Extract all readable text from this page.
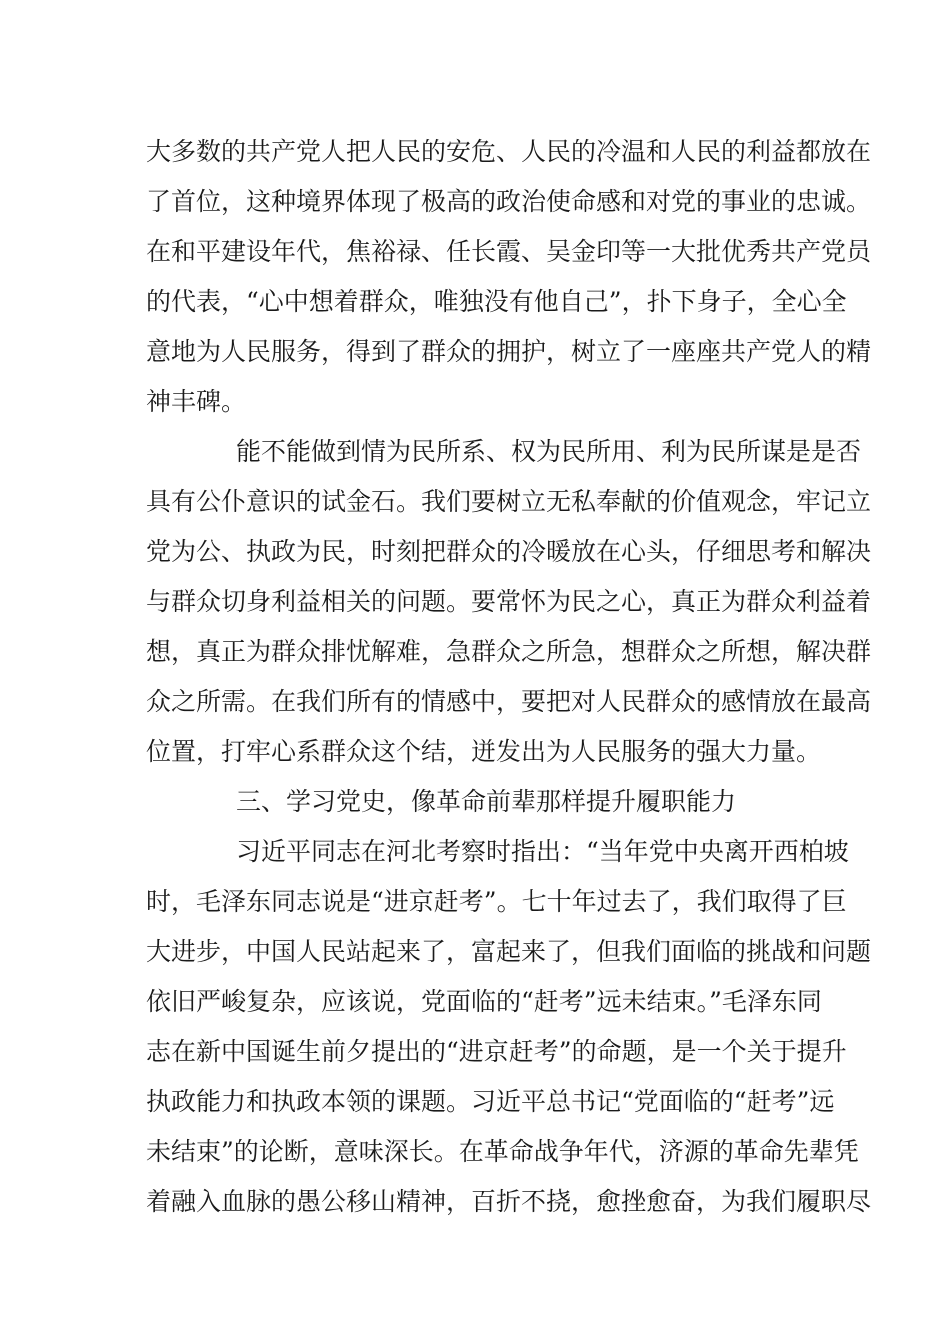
大多数的共产党人把人民的安危、人民的冷温和人民的利益都放在
了首位，这种境界体现了极高的政治使命感和对党的事业的忠诚。
在和平建设年代，焦裕禄、任长霞、吴金印等一大批优秀共产党员
的代表，“心中想着群众，唯独没有他自己”，扑下身子，全心全
意地为人民服务，得到了群众的拥护，树立了一座座共产党人的精
神丰碑。
能不能做到情为民所系、权为民所用、利为民所谋是是否
具有公仆意识的试金石。我们要树立无私奉献的价值观念，牢记立
党为公、执政为民，时刻把群众的冷暖放在心头，仔细思考和解决
与群众切身利益相关的问题。要常怀为民之心，真正为群众利益着
想，真正为群众排忧解难，急群众之所急，想群众之所想，解决群
众之所需。在我们所有的情感中，要把对人民群众的感情放在最高
位置，打牢心系群众这个结，迸发出为人民服务的强大力量。
三、学习党史，像革命前辈那样提升履职能力
习近平同志在河北考察时指出：“当年党中央离开西柏坡
时，毛泽东同志说是“进京赶考”。七十年过去了，我们取得了巨
大进步，中国人民站起来了，富起来了，但我们面临的挑战和问题
依旧严峻复杂，应该说，党面临的“赶考”远未结束。”毛泽东同
志在新中国诞生前夕提出的“进京赶考”的命题，是一个关于提升
执政能力和执政本领的课题。习近平总书记“党面临的“赶考”远
未结束”的论断，意味深长。在革命战争年代，济源的革命先辈凭
着融入血脉的愚公移山精神，百折不挠，愈挫愈奋，为我们履职尽
